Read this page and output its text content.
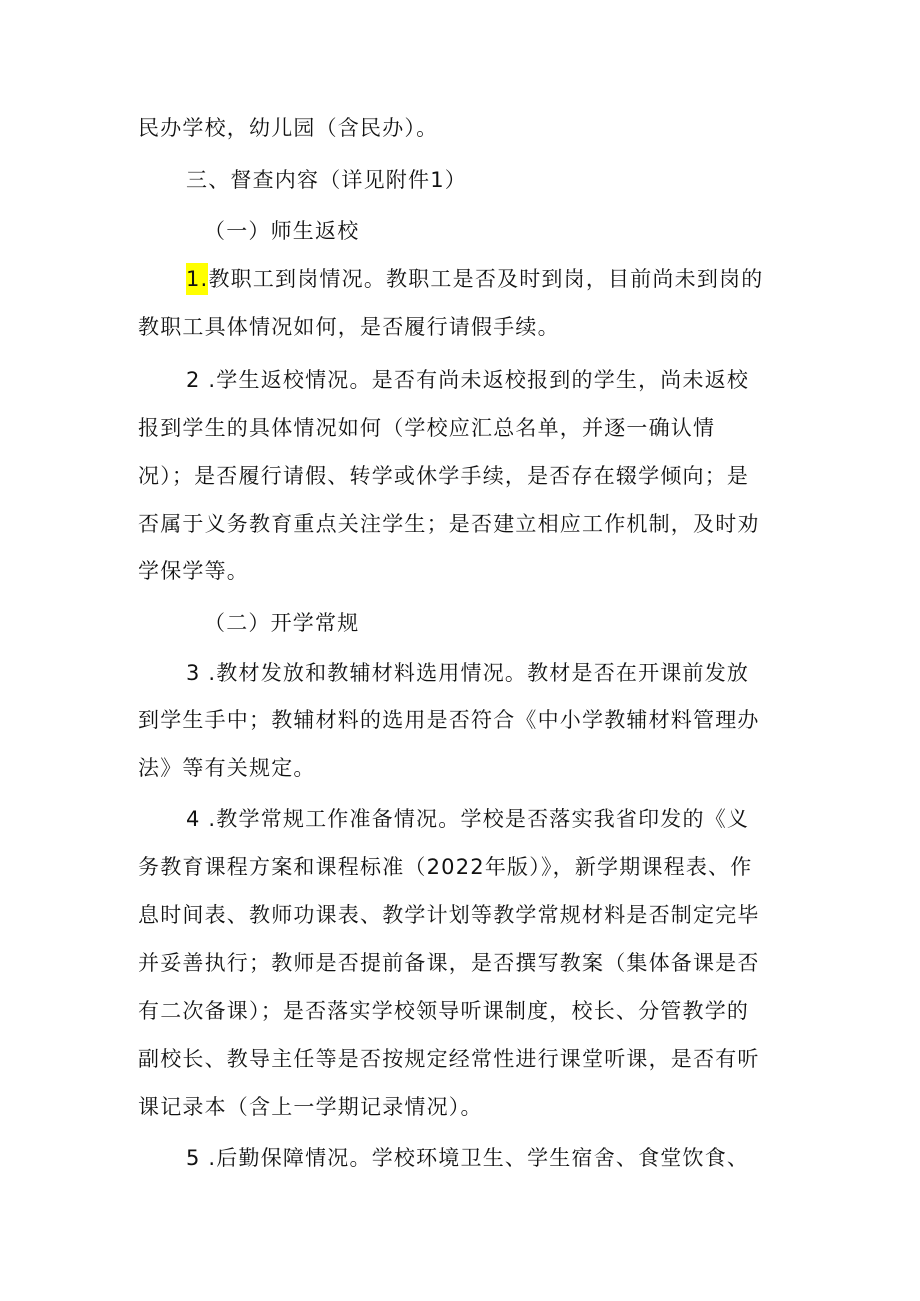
民办学校，幼儿园（含民办）。
三、督查内容（详见附件1）
（一）师生返校
1.教职工到岗情况。教职工是否及时到岗，目前尚未到岗的
教职工具体情况如何，是否履行请假手续。
2 .学生返校情况。是否有尚未返校报到的学生，尚未返校
报到学生的具体情况如何（学校应汇总名单，并逐一确认情
况）；是否履行请假、转学或休学手续，是否存在辍学倾向；是
否属于义务教育重点关注学生；是否建立相应工作机制，及时劝
学保学等。
（二）开学常规
3 .教材发放和教辅材料选用情况。教材是否在开课前发放
到学生手中；教辅材料的选用是否符合《中小学教辅材料管理办
法》等有关规定。
4 .教学常规工作准备情况。学校是否落实我省印发的《义
务教育课程方案和课程标准（2022年版）》，新学期课程表、作
息时间表、教师功课表、教学计划等教学常规材料是否制定完毕
并妥善执行；教师是否提前备课，是否撰写教案（集体备课是否
有二次备课）；是否落实学校领导听课制度，校长、分管教学的
副校长、教导主任等是否按规定经常性进行课堂听课，是否有听
课记录本（含上一学期记录情况）。
5 .后勤保障情况。学校环境卫生、学生宿舍、食堂饮食、
